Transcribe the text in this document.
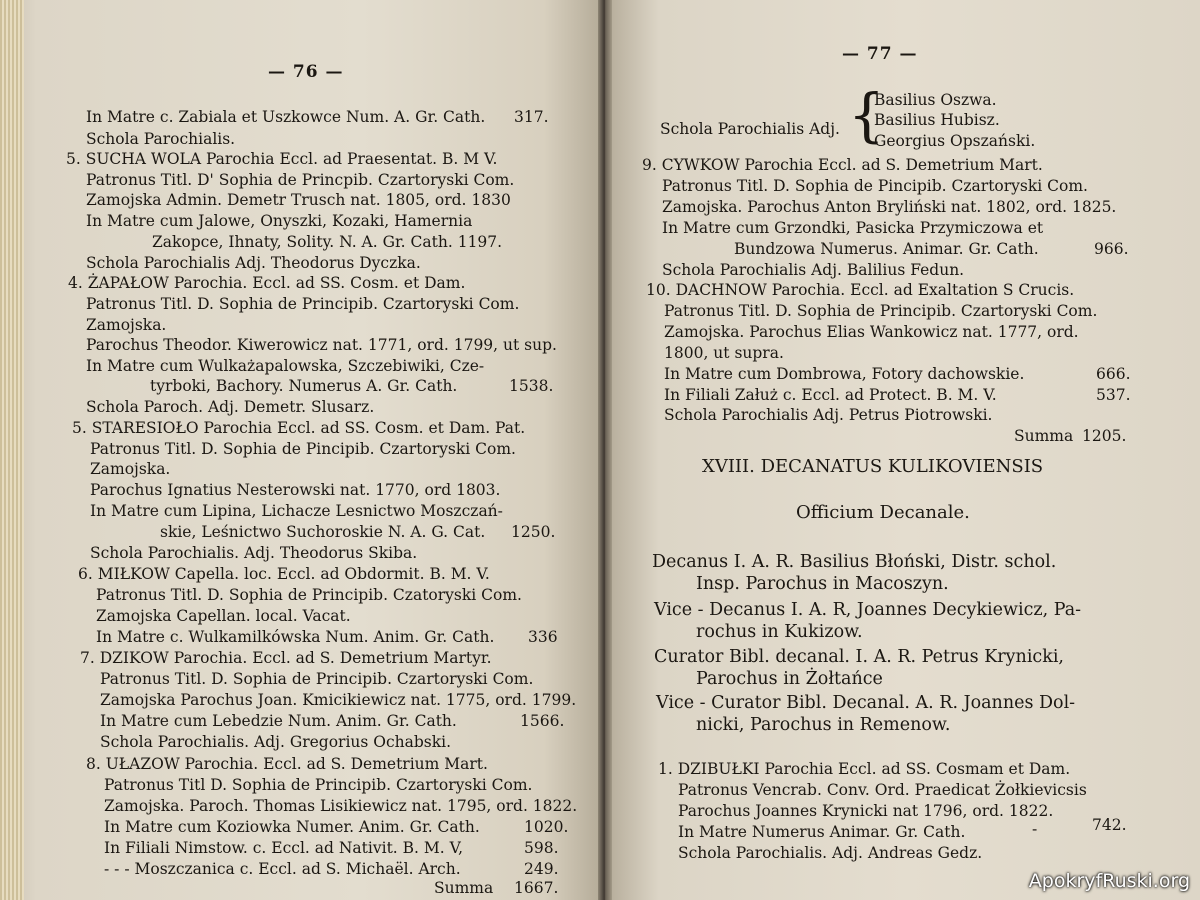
— 76 —
In Matre c. Zabiala et Uszkowce Num. A. Gr. Cath. 317.
Schola Parochialis.
5. SUCHA WOLA Parochia Eccl. ad Praesentat. B. M V.
Patronus Titl. D' Sophia de Princpib. Czartoryski Com.
Zamojska Admin. Demetr Trusch nat. 1805, ord. 1830
In Matre cum Jalowe, Onyszki, Kozaki, Hamernia
Zakopce, Ihnaty, Solity. N. A. Gr. Cath. 1197.
Schola Parochialis Adj. Theodorus Dyczka.
4. ŻAPAŁOW Parochia. Eccl. ad SS. Cosm. et Dam.
Patronus Titl. D. Sophia de Principib. Czartoryski Com.
Zamojska.
Parochus Theodor. Kiwerowicz nat. 1771, ord. 1799, ut sup.
In Matre cum Wulkażapalowska, Szczebiwiki, Cze-
tyrboki, Bachory. Numerus A. Gr. Cath.	1538.
Schola Paroch. Adj. Demetr. Slusarz.
5. STARESIOŁO Parochia Eccl. ad SS. Cosm. et Dam. Pat.
Patronus Titl. D. Sophia de Pincipib. Czartoryski Com.
Zamojska.
Parochus Ignatius Nesterowski nat. 1770, ord 1803.
In Matre cum Lipina, Lichacze Lesnictwo Moszczań-
skie, Leśnictwo Suchoroskie N. A. G. Cat. 1250.
Schola Parochialis. Adj. Theodorus Skiba.
6. MIŁKOW Capella. loc. Eccl. ad Obdormit. B. M. V.
Patronus Titl. D. Sophia de Principib. Czatoryski Com.
Zamojska Capellan. local. Vacat.
In Matre c. Wulkamilkówska Num. Anim. Gr. Cath. 336
7. DZIKOW Parochia. Eccl. ad S. Demetrium Martyr.
Patronus Titl. D. Sophia de Principib. Czartoryski Com.
Zamojska Parochus Joan. Kmicikiewicz nat. 1775, ord. 1799.
In Matre cum Lebedzie Num. Anim. Gr. Cath.	1566.
Schola Parochialis. Adj. Gregorius Ochabski.
8. UŁAZOW Parochia. Eccl. ad S. Demetrium Mart.
Patronus Titl D. Sophia de Principib. Czartoryski Com.
Zamojska. Paroch. Thomas Lisikiewicz nat. 1795, ord. 1822.
In Matre cum Koziowka Numer. Anim. Gr. Cath.	1020.
In Filiali Nimstow. c. Eccl. ad Nativit. B. M. V,	598.
- - - Moszczanica c. Eccl. ad S. Michaël. Arch.	249.
Summa 1667.
— 77 —
Schola Parochialis Adj. {
Basilius Oszwa.
Basilius Hubisz.
Georgius Opszański.
9. CYWKOW Parochia Eccl. ad S. Demetrium Mart.
Patronus Titl. D. Sophia de Pincipib. Czartoryski Com.
Zamojska. Parochus Anton Bryliński nat. 1802, ord. 1825.
In Matre cum Grzondki, Pasicka Przymiczowa et
Bundzowa Numerus. Animar. Gr. Cath.	966.
Schola Parochialis Adj. Balilius Fedun.
10. DACHNOW Parochia. Eccl. ad Exaltation S Crucis.
Patronus Titl. D. Sophia de Principib. Czartoryski Com.
Zamojska. Parochus Elias Wankowicz nat. 1777, ord.
1800, ut supra.
In Matre cum Dombrowa, Fotory dachowskie.	666.
In Filiali Załuż c. Eccl. ad Protect. B. M. V.	537.
Schola Parochialis Adj. Petrus Piotrowski.
Summa 1205.
XVIII. DECANATUS KULIKOVIENSIS
Officium Decanale.
Decanus I. A. R. Basilius Błoński, Distr. schol.
Insp. Parochus in Macoszyn.
Vice - Decanus I. A. R, Joannes Decykiewicz, Pa-
rochus in Kukizow.
Curator Bibl. decanal. I. A. R. Petrus Krynicki,
Parochus in Żołtańce
Vice - Curator Bibl. Decanal. A. R. Joannes Dol-
nicki, Parochus in Remenow.
1. DZIBUŁKI Parochia Eccl. ad SS. Cosmam et Dam.
Patronus Vencrab. Conv. Ord. Praedicat Żołkievicsis
Parochus Joannes Krynicki nat 1796, ord. 1822.
In Matre Numerus Animar. Gr. Cath.	-	742.
Schola Parochialis. Adj. Andreas Gedz.
ApokryfRuski.org
